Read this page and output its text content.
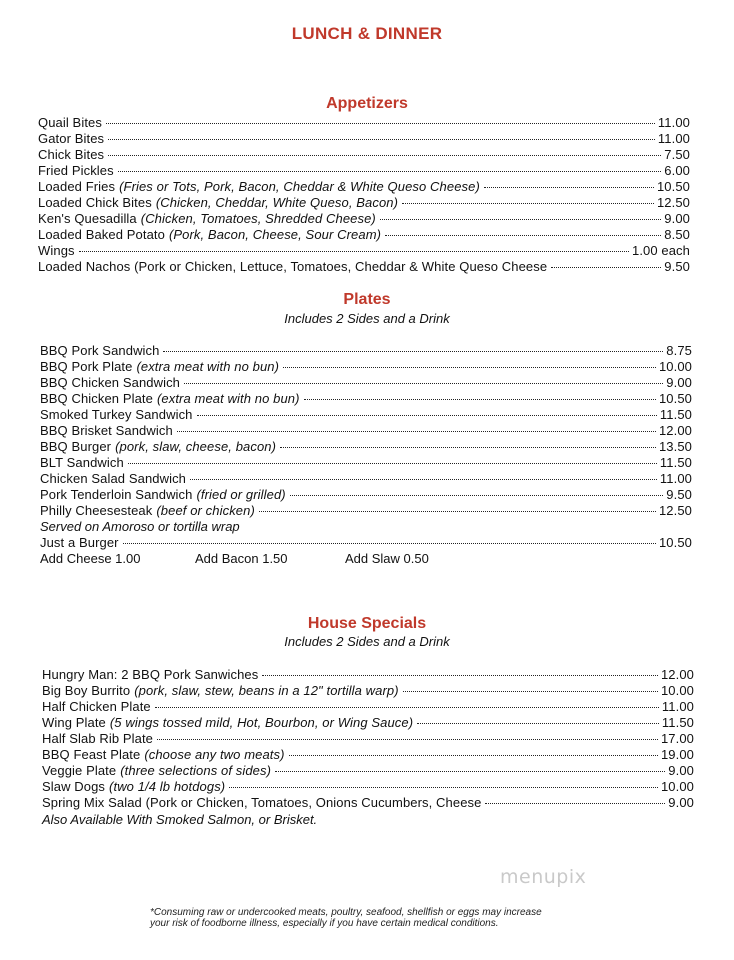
LUNCH & DINNER
Appetizers
Quail Bites	11.00
Gator Bites	11.00
Chick Bites	7.50
Fried Pickles	6.00
Loaded Fries (Fries or Tots, Pork, Bacon, Cheddar & White Queso Cheese)	10.50
Loaded Chick Bites (Chicken, Cheddar, White Queso, Bacon)	12.50
Ken's Quesadilla (Chicken, Tomatoes, Shredded Cheese)	9.00
Loaded Baked Potato (Pork, Bacon, Cheese, Sour Cream)	8.50
Wings	1.00 each
Loaded Nachos (Pork or Chicken, Lettuce, Tomatoes, Cheddar & White Queso Cheese	9.50
Plates
Includes 2 Sides and a Drink
BBQ Pork Sandwich	8.75
BBQ Pork Plate (extra meat with no bun)	10.00
BBQ Chicken Sandwich	9.00
BBQ Chicken Plate (extra meat with no bun)	10.50
Smoked Turkey Sandwich	11.50
BBQ Brisket Sandwich	12.00
BBQ Burger (pork, slaw, cheese, bacon)	13.50
BLT Sandwich	11.50
Chicken Salad Sandwich	11.00
Pork Tenderloin Sandwich (fried or grilled)	9.50
Philly Cheesesteak (beef or chicken)	12.50
Served on Amoroso or tortilla wrap
Just a Burger	10.50
Add Cheese 1.00	Add Bacon 1.50	Add Slaw 0.50
House Specials
Includes 2 Sides and a Drink
Hungry Man: 2 BBQ Pork Sanwiches	12.00
Big Boy Burrito (pork, slaw, stew, beans in a 12" tortilla warp)	10.00
Half Chicken Plate	11.00
Wing Plate (5 wings tossed mild, Hot, Bourbon, or Wing Sauce)	11.50
Half Slab Rib Plate	17.00
BBQ Feast Plate (choose any two meats)	19.00
Veggie Plate (three selections of sides)	9.00
Slaw Dogs (two 1/4 lb hotdogs)	10.00
Spring Mix Salad (Pork or Chicken, Tomatoes, Onions Cucumbers, Cheese	9.00
Also Available With Smoked Salmon, or Brisket.
menupix
*Consuming raw or undercooked meats, poultry, seafood, shellfish or eggs may increase
your risk of foodborne illness, especially if you have certain medical conditions.
